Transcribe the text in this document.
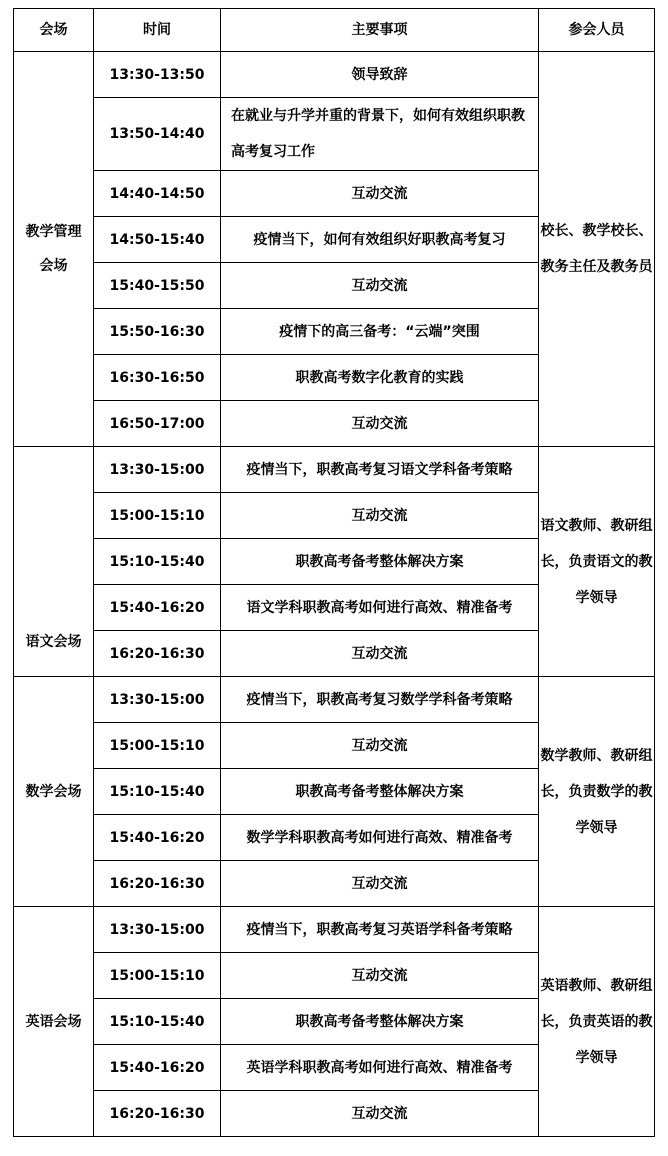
会场	时间	主要事项	参会人员
教学管理会场	13:30-13:50	领导致辞	校长、教学校长、教务主任及教务员
	13:50-14:40	在就业与升学并重的背景下，如何有效组织职教高考复习工作	
	14:40-14:50	互动交流	
	14:50-15:40	疫情当下，如何有效组织好职教高考复习	
	15:40-15:50	互动交流	
	15:50-16:30	疫情下的高三备考：“云端”突围	
	16:30-16:50	职教高考数字化教育的实践	
	16:50-17:00	互动交流	
语文会场	13:30-15:00	疫情当下，职教高考复习语文学科备考策略	语文教师、教研组长，负责语文的教学领导
	15:00-15:10	互动交流	
	15:10-15:40	职教高考备考整体解决方案	
	15:40-16:20	语文学科职教高考如何进行高效、精准备考	
	16:20-16:30	互动交流	
数学会场	13:30-15:00	疫情当下，职教高考复习数学学科备考策略	数学教师、教研组长，负责数学的教学领导
	15:00-15:10	互动交流	
	15:10-15:40	职教高考备考整体解决方案	
	15:40-16:20	数学学科职教高考如何进行高效、精准备考	
	16:20-16:30	互动交流	
英语会场	13:30-15:00	疫情当下，职教高考复习英语学科备考策略	英语教师、教研组长，负责英语的教学领导
	15:00-15:10	互动交流	
	15:10-15:40	职教高考备考整体解决方案	
	15:40-16:20	英语学科职教高考如何进行高效、精准备考	
	16:20-16:30	互动交流	
